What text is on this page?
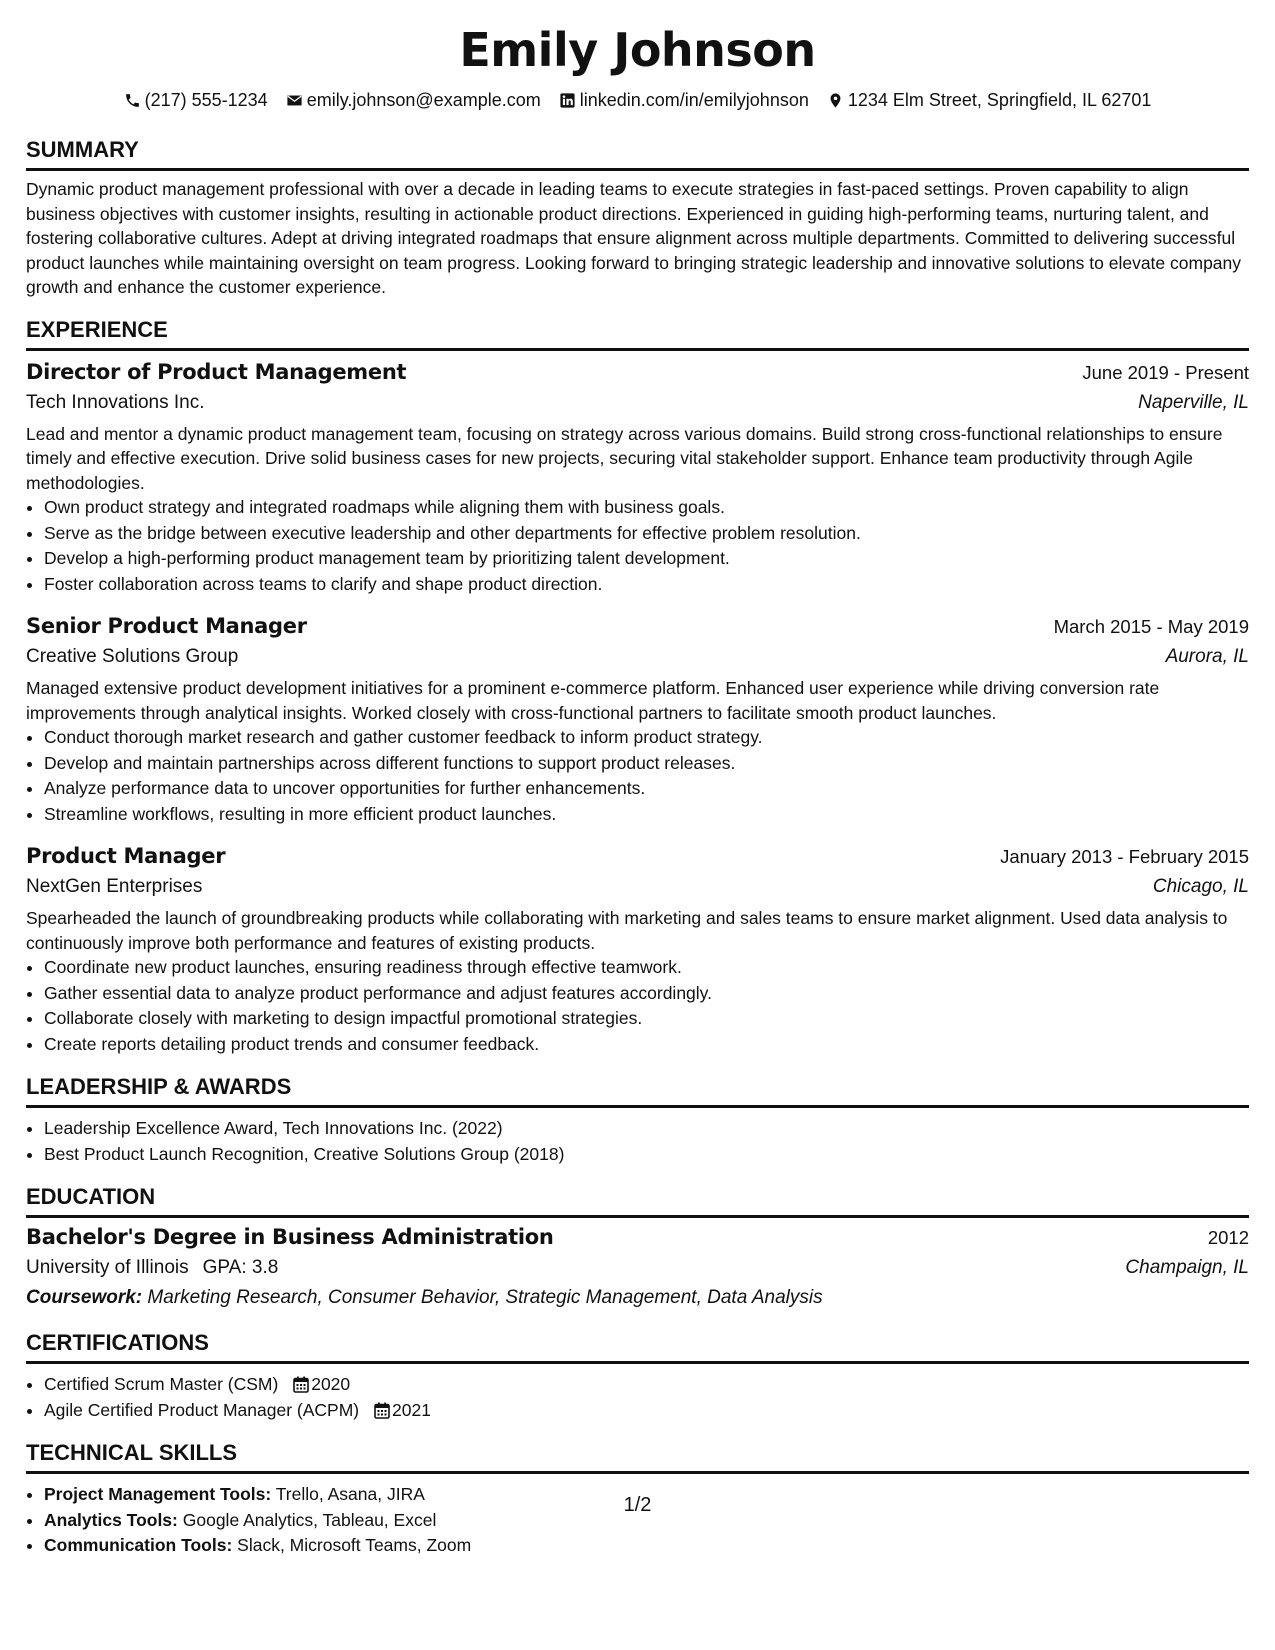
Emily Johnson
(217) 555-1234 emily.johnson@example.com linkedin.com/in/emilyjohnson 1234 Elm Street, Springfield, IL 62701
SUMMARY

Dynamic product management professional with over a decade in leading teams to execute strategies in fast-paced settings. Proven capability to align business objectives with customer insights, resulting in actionable product directions. Experienced in guiding high-performing teams, nurturing talent, and fostering collaborative cultures. Adept at driving integrated roadmaps that ensure alignment across multiple departments. Committed to delivering successful product launches while maintaining oversight on team progress. Looking forward to bringing strategic leadership and innovative solutions to elevate company growth and enhance the customer experience.

EXPERIENCE
Director of Product Management	June 2019 - Present
Tech Innovations Inc.	Naperville, IL

Lead and mentor a dynamic product management team, focusing on strategy across various domains. Build strong cross-functional relationships to ensure timely and effective execution. Drive solid business cases for new projects, securing vital stakeholder support. Enhance team productivity through Agile methodologies.

• Own product strategy and integrated roadmaps while aligning them with business goals.
• Serve as the bridge between executive leadership and other departments for effective problem resolution.
• Develop a high-performing product management team by prioritizing talent development.
• Foster collaboration across teams to clarify and shape product direction.
Senior Product Manager	March 2015 - May 2019
Creative Solutions Group	Aurora, IL

Managed extensive product development initiatives for a prominent e-commerce platform. Enhanced user experience while driving conversion rate improvements through analytical insights. Worked closely with cross-functional partners to facilitate smooth product launches.

• Conduct thorough market research and gather customer feedback to inform product strategy.
• Develop and maintain partnerships across different functions to support product releases.
• Analyze performance data to uncover opportunities for further enhancements.
• Streamline workflows, resulting in more efficient product launches.
Product Manager	January 2013 - February 2015
NextGen Enterprises	Chicago, IL

Spearheaded the launch of groundbreaking products while collaborating with marketing and sales teams to ensure market alignment. Used data analysis to continuously improve both performance and features of existing products.

• Coordinate new product launches, ensuring readiness through effective teamwork.
• Gather essential data to analyze product performance and adjust features accordingly.
• Collaborate closely with marketing to design impactful promotional strategies.
• Create reports detailing product trends and consumer feedback.
LEADERSHIP & AWARDS
• Leadership Excellence Award, Tech Innovations Inc. (2022)
• Best Product Launch Recognition, Creative Solutions Group (2018)
EDUCATION
Bachelor's Degree in Business Administration	2012
University of Illinois GPA: 3.8	Champaign, IL
Coursework: Marketing Research, Consumer Behavior, Strategic Management, Data Analysis
CERTIFICATIONS
• Certified Scrum Master (CSM) 2020
• Agile Certified Product Manager (ACPM) 2021
TECHNICAL SKILLS
• Project Management Tools: Trello, Asana, JIRA
• Analytics Tools: Google Analytics, Tableau, Excel
• Communication Tools: Slack, Microsoft Teams, Zoom
1/2
